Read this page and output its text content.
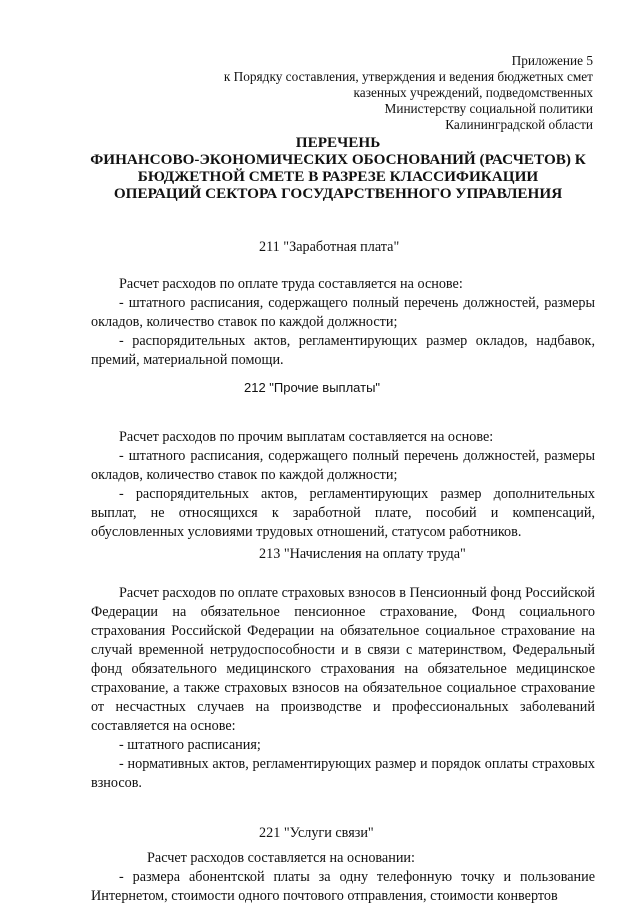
Приложение 5
к Порядку составления, утверждения и ведения бюджетных смет
казенных учреждений, подведомственных
Министерству социальной политики
Калининградской области
ПЕРЕЧЕНЬ
ФИНАНСОВО-ЭКОНОМИЧЕСКИХ ОБОСНОВАНИЙ (РАСЧЕТОВ) К
БЮДЖЕТНОЙ СМЕТЕ В РАЗРЕЗЕ КЛАССИФИКАЦИИ
ОПЕРАЦИЙ СЕКТОРА ГОСУДАРСТВЕННОГО УПРАВЛЕНИЯ
211 "Заработная плата"

Расчет расходов по оплате труда составляется на основе:

- штатного расписания, содержащего полный перечень должностей, размеры окладов, количество ставок по каждой должности;

- распорядительных актов, регламентирующих размер окладов, надбавок, премий, материальной помощи.

212 "Прочие выплаты"

Расчет расходов по прочим выплатам составляется на основе:

- штатного расписания, содержащего полный перечень должностей, размеры окладов, количество ставок по каждой должности;

- распорядительных актов, регламентирующих размер дополнительных выплат, не относящихся к заработной плате, пособий и компенсаций, обусловленных условиями трудовых отношений, статусом работников.

213 "Начисления на оплату труда"

Расчет расходов по оплате страховых взносов в Пенсионный фонд Российской Федерации на обязательное пенсионное страхование, Фонд социального страхования Российской Федерации на обязательное социальное страхование на случай временной нетрудоспособности и в связи с материнством, Федеральный фонд обязательного медицинского страхования на обязательное медицинское страхование, а также страховых взносов на обязательное социальное страхование от несчастных случаев на производстве и профессиональных заболеваний составляется на основе:

- штатного расписания;

- нормативных актов, регламентирующих размер и порядок оплаты страховых взносов.

221 "Услуги связи"

Расчет расходов составляется на основании:

- размера абонентской платы за одну телефонную точку и пользование Интернетом, стоимости одного почтового отправления, стоимости конвертов
